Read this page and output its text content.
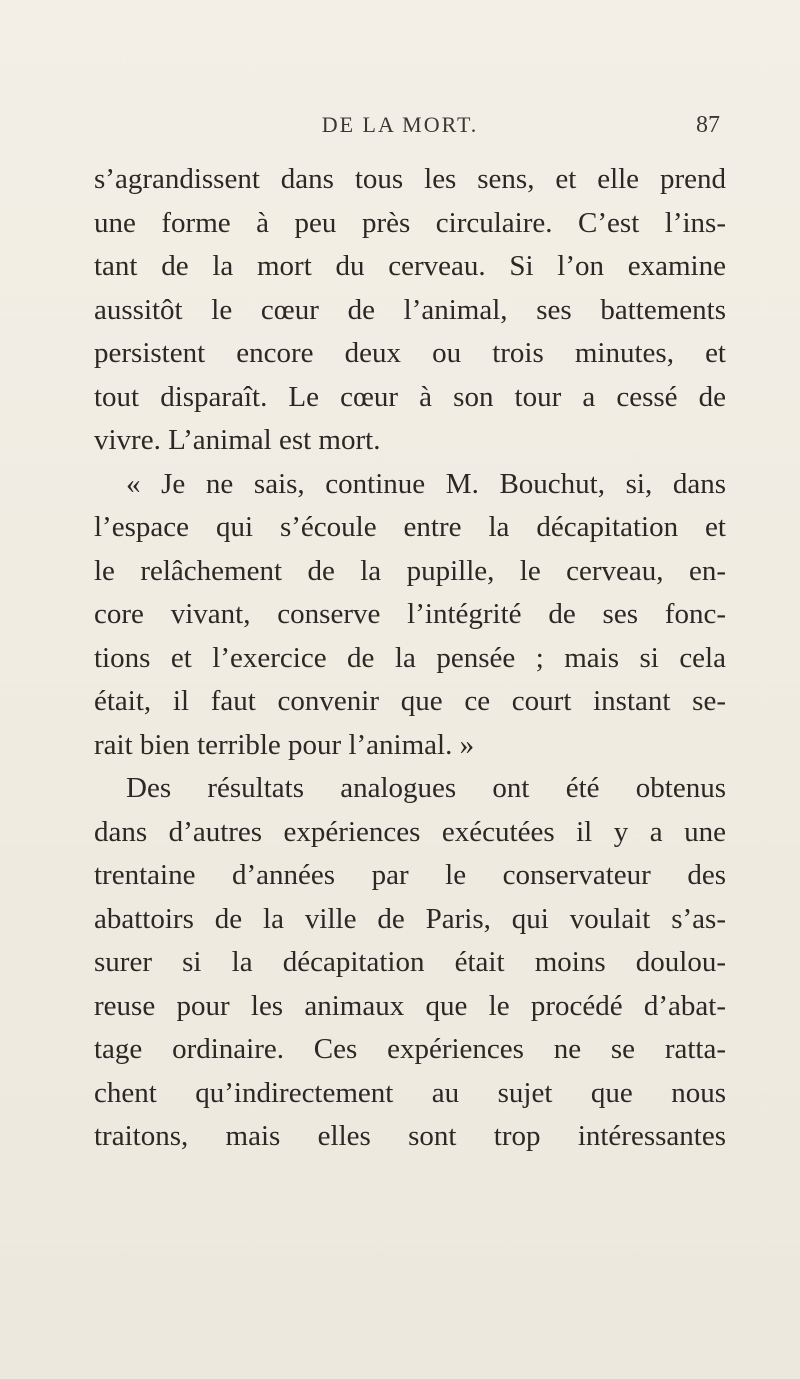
DE LA MORT.	87
s’agrandissent dans tous les sens, et elle prend
une forme à peu près circulaire. C’est l’ins-
tant de la mort du cerveau. Si l’on examine
aussitôt le cœur de l’animal, ses battements
persistent encore deux ou trois minutes, et
tout disparaît. Le cœur à son tour a cessé de
vivre. L’animal est mort.
« Je ne sais, continue M. Bouchut, si, dans
l’espace qui s’écoule entre la décapitation et
le relâchement de la pupille, le cerveau, en-
core vivant, conserve l’intégrité de ses fonc-
tions et l’exercice de la pensée ; mais si cela
était, il faut convenir que ce court instant se-
rait bien terrible pour l’animal. »
Des résultats analogues ont été obtenus
dans d’autres expériences exécutées il y a une
trentaine d’années par le conservateur des
abattoirs de la ville de Paris, qui voulait s’as-
surer si la décapitation était moins doulou-
reuse pour les animaux que le procédé d’abat-
tage ordinaire. Ces expériences ne se ratta-
chent qu’indirectement au sujet que nous
traitons, mais elles sont trop intéressantes
